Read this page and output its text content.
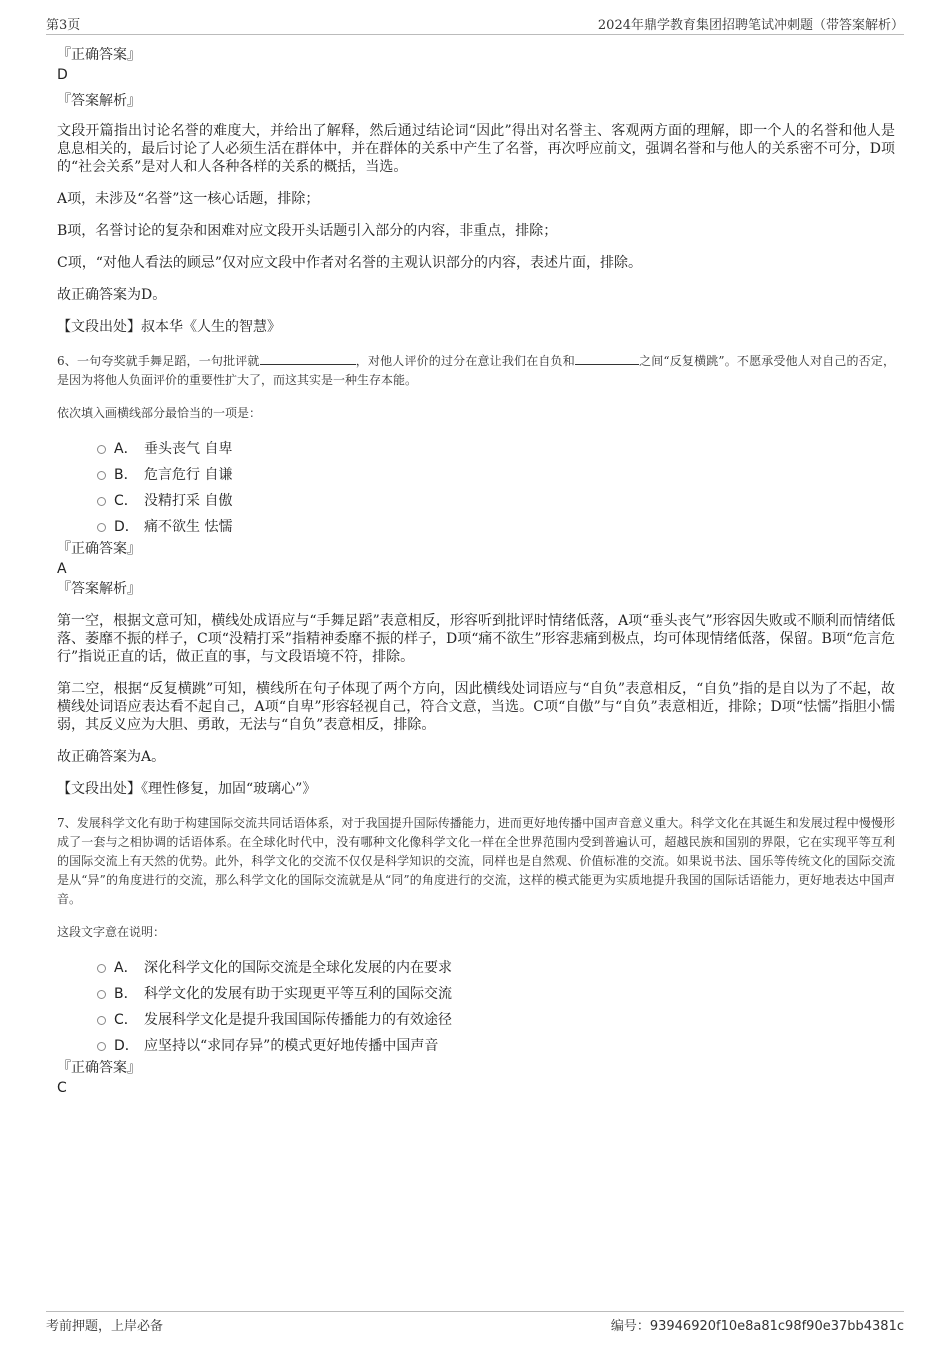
第3页	2024年鼎学教育集团招聘笔试冲刺题（带答案解析）

『正确答案』

D

『答案解析』

文段开篇指出讨论名誉的难度大，并给出了解释，然后通过结论词“因此”得出对名誉主、客观两方面的理解，即一个人的名誉和他人是息息相关的，最后讨论了人必须生活在群体中，并在群体的关系中产生了名誉，再次呼应前文，强调名誉和与他人的关系密不可分，D项的“社会关系”是对人和人各种各样的关系的概括，当选。

A项，未涉及“名誉”这一核心话题，排除；

B项，名誉讨论的复杂和困难对应文段开头话题引入部分的内容，非重点，排除；

C项，“对他人看法的顾忌”仅对应文段中作者对名誉的主观认识部分的内容，表述片面，排除。

故正确答案为D。

【文段出处】叔本华《人生的智慧》

6、一句夸奖就手舞足蹈，一句批评就	，对他人评价的过分在意让我们在自负和	之间“反复横跳”。不愿承受他人对自己的否定，是因为将他人负面评价的重要性扩大了，而这其实是一种生存本能。

依次填入画横线部分最恰当的一项是：

A． 垂头丧气 自卑
B． 危言危行 自谦
C． 没精打采 自傲
D． 痛不欲生 怯懦

『正确答案』

A

『答案解析』

第一空，根据文意可知，横线处成语应与“手舞足蹈”表意相反，形容听到批评时情绪低落，A项“垂头丧气”形容因失败或不顺利而情绪低落、萎靡不振的样子，C项“没精打采”指精神委靡不振的样子，D项“痛不欲生”形容悲痛到极点，均可体现情绪低落，保留。B项“危言危行”指说正直的话，做正直的事，与文段语境不符，排除。

第二空，根据“反复横跳”可知，横线所在句子体现了两个方向，因此横线处词语应与“自负”表意相反，“自负”指的是自以为了不起，故横线处词语应表达看不起自己，A项“自卑”形容轻视自己，符合文意，当选。C项“自傲”与“自负”表意相近，排除；D项“怯懦”指胆小懦弱，其反义应为大胆、勇敢，无法与“自负”表意相反，排除。

故正确答案为A。

【文段出处】《理性修复，加固“玻璃心”》

7、发展科学文化有助于构建国际交流共同话语体系，对于我国提升国际传播能力，进而更好地传播中国声音意义重大。科学文化在其诞生和发展过程中慢慢形成了一套与之相协调的话语体系。在全球化时代中，没有哪种文化像科学文化一样在全世界范围内受到普遍认可，超越民族和国别的界限，它在实现平等互利的国际交流上有天然的优势。此外，科学文化的交流不仅仅是科学知识的交流，同样也是自然观、价值标准的交流。如果说书法、国乐等传统文化的国际交流是从“异”的角度进行的交流，那么科学文化的国际交流就是从“同”的角度进行的交流，这样的模式能更为实质地提升我国的国际话语能力，更好地表达中国声音。

这段文字意在说明：

A． 深化科学文化的国际交流是全球化发展的内在要求
B． 科学文化的发展有助于实现更平等互利的国际交流
C． 发展科学文化是提升我国国际传播能力的有效途径
D． 应坚持以“求同存异”的模式更好地传播中国声音

『正确答案』

C

考前押题，上岸必备	编号：93946920f10e8a81c98f90e37bb4381c
